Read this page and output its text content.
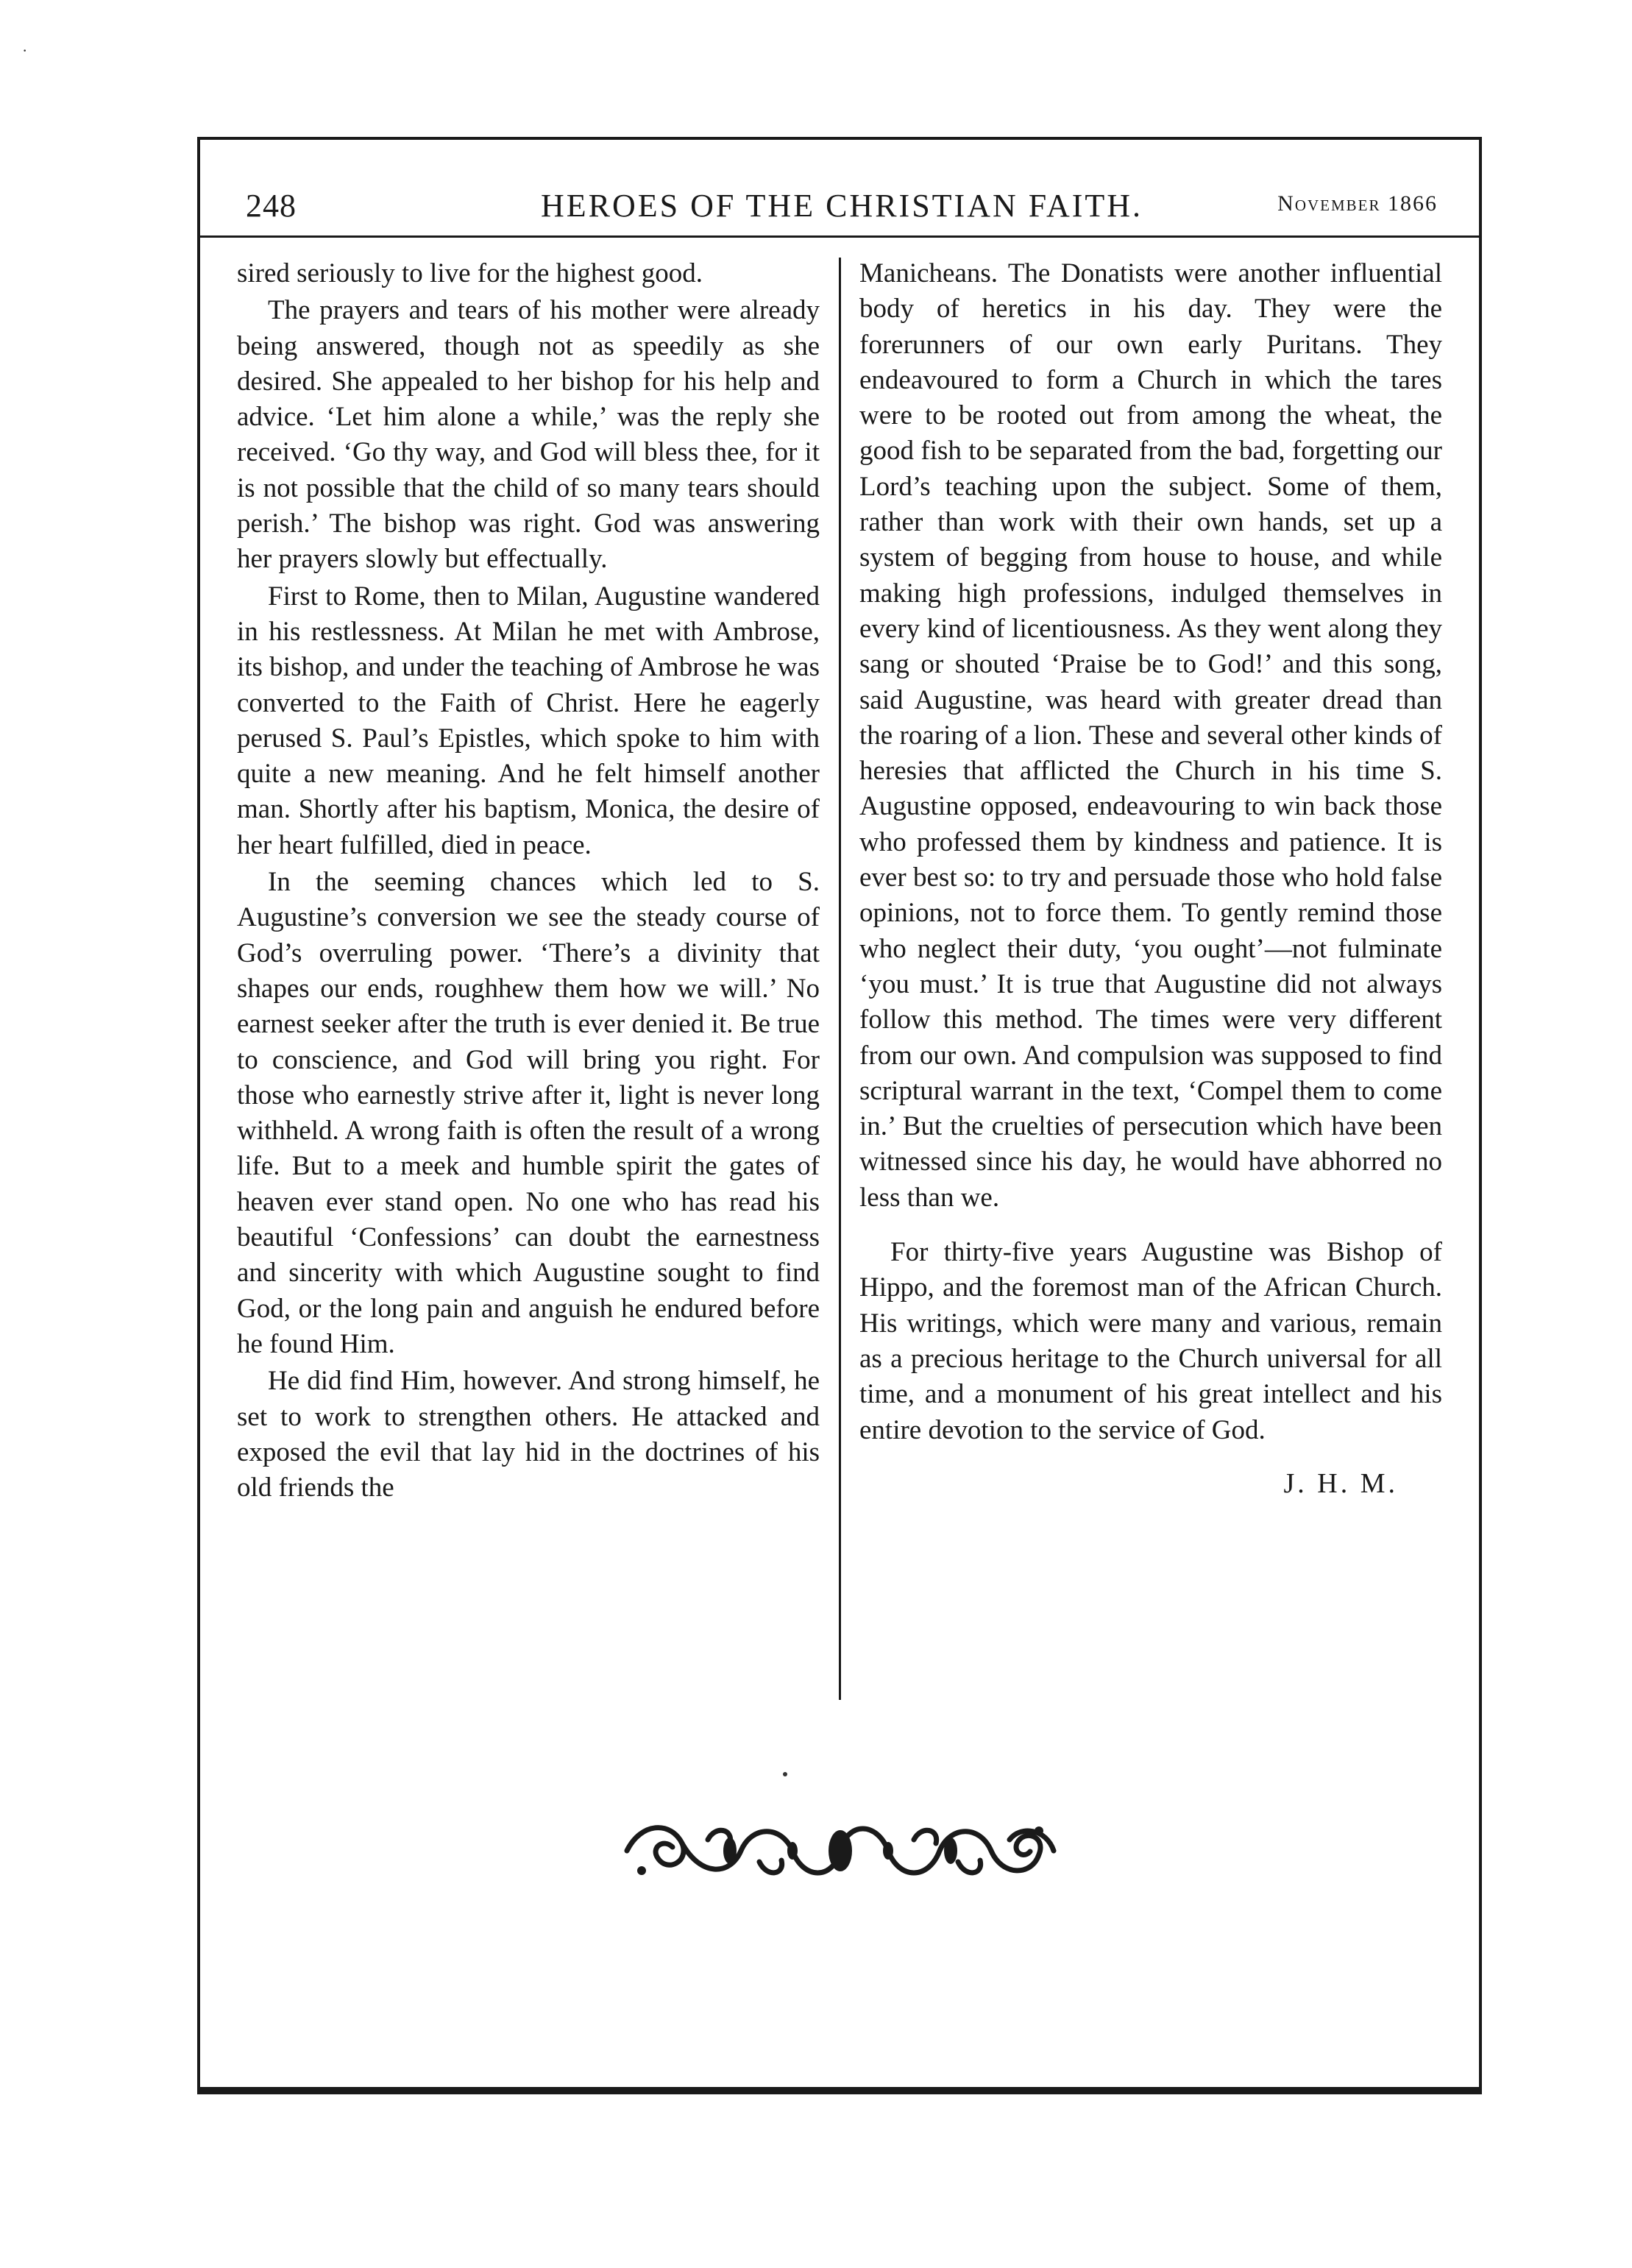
·
248	HEROES OF THE CHRISTIAN FAITH.	November 1866

sired seriously to live for the highest good.

The prayers and tears of his mother were already being answered, though not as speedily as she desired. She appealed to her bishop for his help and advice. ‘Let him alone a while,’ was the reply she received. ‘Go thy way, and God will bless thee, for it is not possible that the child of so many tears should perish.’ The bishop was right. God was answering her prayers slowly but effectually.

First to Rome, then to Milan, Augustine wandered in his restlessness. At Milan he met with Ambrose, its bishop, and under the teaching of Ambrose he was converted to the Faith of Christ. Here he eagerly perused S. Paul’s Epistles, which spoke to him with quite a new meaning. And he felt himself another man. Shortly after his baptism, Monica, the desire of her heart fulfilled, died in peace.

In the seeming chances which led to S. Augustine’s conversion we see the steady course of God’s overruling power. ‘There’s a divinity that shapes our ends, roughhew them how we will.’ No earnest seeker after the truth is ever denied it. Be true to conscience, and God will bring you right. For those who earnestly strive after it, light is never long withheld. A wrong faith is often the result of a wrong life. But to a meek and humble spirit the gates of heaven ever stand open. No one who has read his beautiful ‘Confessions’ can doubt the earnestness and sincerity with which Augustine sought to find God, or the long pain and anguish he endured before he found Him.

He did find Him, however. And strong himself, he set to work to strengthen others. He attacked and exposed the evil that lay hid in the doctrines of his old friends the

Manicheans. The Donatists were another influential body of heretics in his day. They were the forerunners of our own early Puritans. They endeavoured to form a Church in which the tares were to be rooted out from among the wheat, the good fish to be separated from the bad, forgetting our Lord’s teaching upon the subject. Some of them, rather than work with their own hands, set up a system of begging from house to house, and while making high professions, indulged themselves in every kind of licentiousness. As they went along they sang or shouted ‘Praise be to God!’ and this song, said Augustine, was heard with greater dread than the roaring of a lion. These and several other kinds of heresies that afflicted the Church in his time S. Augustine opposed, endeavouring to win back those who professed them by kindness and patience. It is ever best so: to try and persuade those who hold false opinions, not to force them. To gently remind those who neglect their duty, ‘you ought’—not fulminate ‘you must.’ It is true that Augustine did not always follow this method. The times were very different from our own. And compulsion was supposed to find scriptural warrant in the text, ‘Compel them to come in.’ But the cruelties of persecution which have been witnessed since his day, he would have abhorred no less than we.

For thirty-five years Augustine was Bishop of Hippo, and the foremost man of the African Church. His writings, which were many and various, remain as a precious heritage to the Church universal for all time, and a monument of his great intellect and his entire devotion to the service of God.

J. H. M.
